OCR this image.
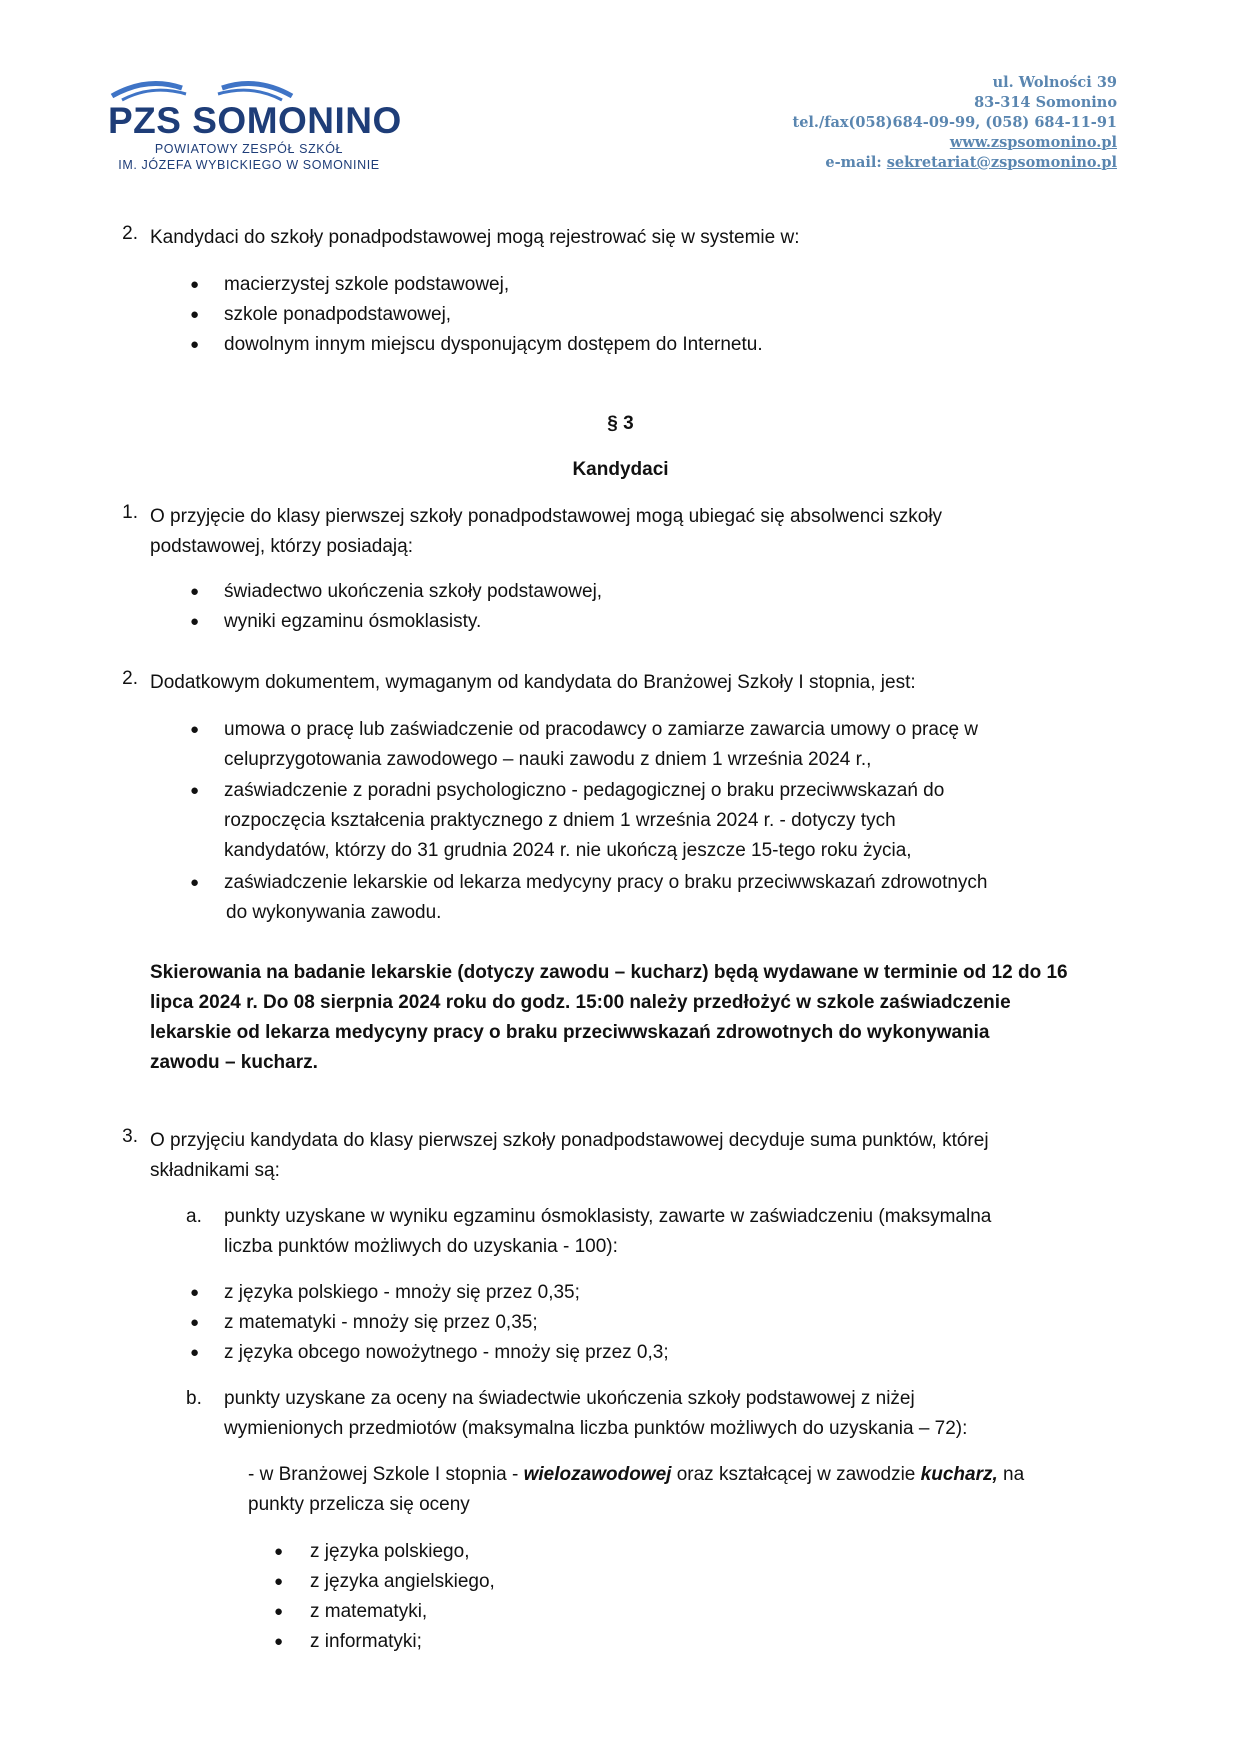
PZS SOMONINO
POWIATOWY ZESPÓŁ SZKÓŁ
IM. JÓZEFA WYBICKIEGO W SOMONINIE
ul. Wolności 39
83-314 Somonino
tel./fax(058)684-09-99, (058) 684-11-91
www.zspsomonino.pl
e-mail: sekretariat@zspsomonino.pl
2. Kandydaci do szkoły ponadpodstawowej mogą rejestrować się w systemie w:
● macierzystej szkole podstawowej,
● szkole ponadpodstawowej,
● dowolnym innym miejscu dysponującym dostępem do Internetu.
§ 3
Kandydaci
1. O przyjęcie do klasy pierwszej szkoły ponadpodstawowej mogą ubiegać się absolwenci szkoły
podstawowej, którzy posiadają:
● świadectwo ukończenia szkoły podstawowej,
● wyniki egzaminu ósmoklasisty.
2. Dodatkowym dokumentem, wymaganym od kandydata do Branżowej Szkoły I stopnia, jest:
● umowa o pracę lub zaświadczenie od pracodawcy o zamiarze zawarcia umowy o pracę w
celuprzygotowania zawodowego – nauki zawodu z dniem 1 września 2024 r.,
● zaświadczenie z poradni psychologiczno - pedagogicznej o braku przeciwwskazań do
rozpoczęcia kształcenia praktycznego z dniem 1 września 2024 r. - dotyczy tych
kandydatów, którzy do 31 grudnia 2024 r. nie ukończą jeszcze 15-tego roku życia,
● zaświadczenie lekarskie od lekarza medycyny pracy o braku przeciwwskazań zdrowotnych
do wykonywania zawodu.
Skierowania na badanie lekarskie (dotyczy zawodu – kucharz) będą wydawane w terminie od 12 do 16
lipca 2024 r. Do 08 sierpnia 2024 roku do godz. 15:00 należy przedłożyć w szkole zaświadczenie
lekarskie od lekarza medycyny pracy o braku przeciwwskazań zdrowotnych do wykonywania
zawodu – kucharz.
3. O przyjęciu kandydata do klasy pierwszej szkoły ponadpodstawowej decyduje suma punktów, której
składnikami są:
a. punkty uzyskane w wyniku egzaminu ósmoklasisty, zawarte w zaświadczeniu (maksymalna
liczba punktów możliwych do uzyskania - 100):
● z języka polskiego - mnoży się przez 0,35;
● z matematyki - mnoży się przez 0,35;
● z języka obcego nowożytnego - mnoży się przez 0,3;
b. punkty uzyskane za oceny na świadectwie ukończenia szkoły podstawowej z niżej
wymienionych przedmiotów (maksymalna liczba punktów możliwych do uzyskania – 72):
- w Branżowej Szkole I stopnia - wielozawodowej oraz kształcącej w zawodzie kucharz, na
punkty przelicza się oceny
● z języka polskiego,
● z języka angielskiego,
● z matematyki,
● z informatyki;
